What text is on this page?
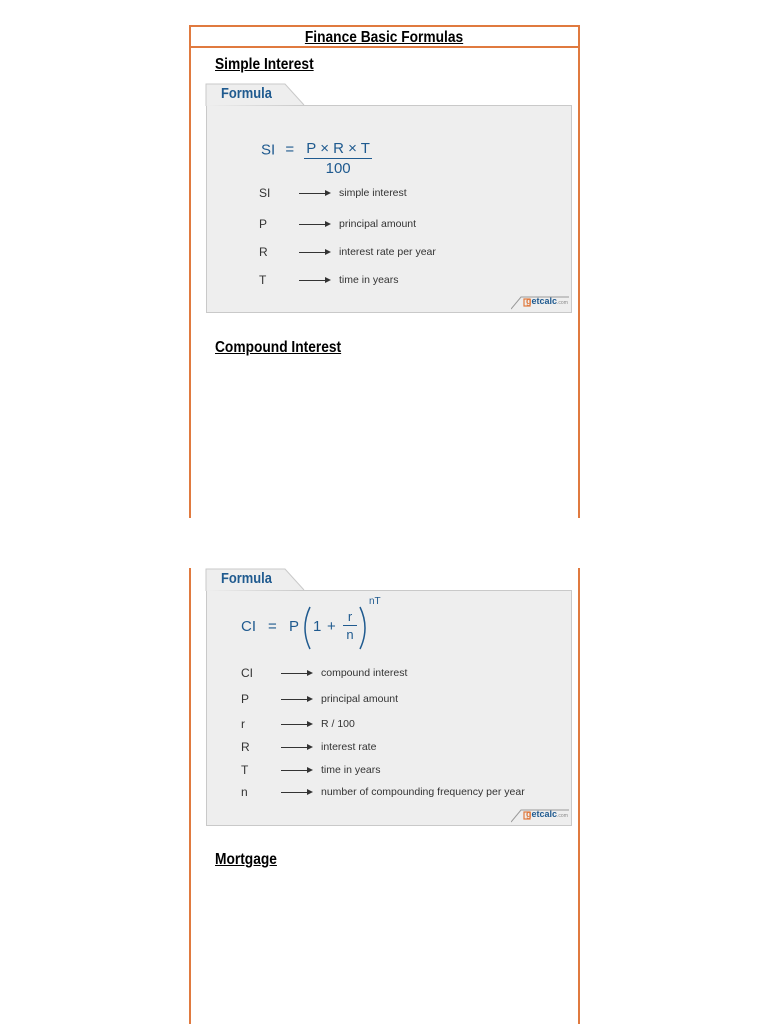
Finance Basic Formulas
Simple Interest
SI = $\frac{P \times R \times T}{100}$
SI	simple interest
P	principal amount
R	interest rate per year
T	time in years
getcalc.com
Formula
Compound Interest
CI = P 1 +
r
n
nT
CI	compound interest
P	principal amount
r	R / 100
R	interest rate
T	time in years
n	number of compounding frequency per year
getcalc.com
Formula
Mortgage
